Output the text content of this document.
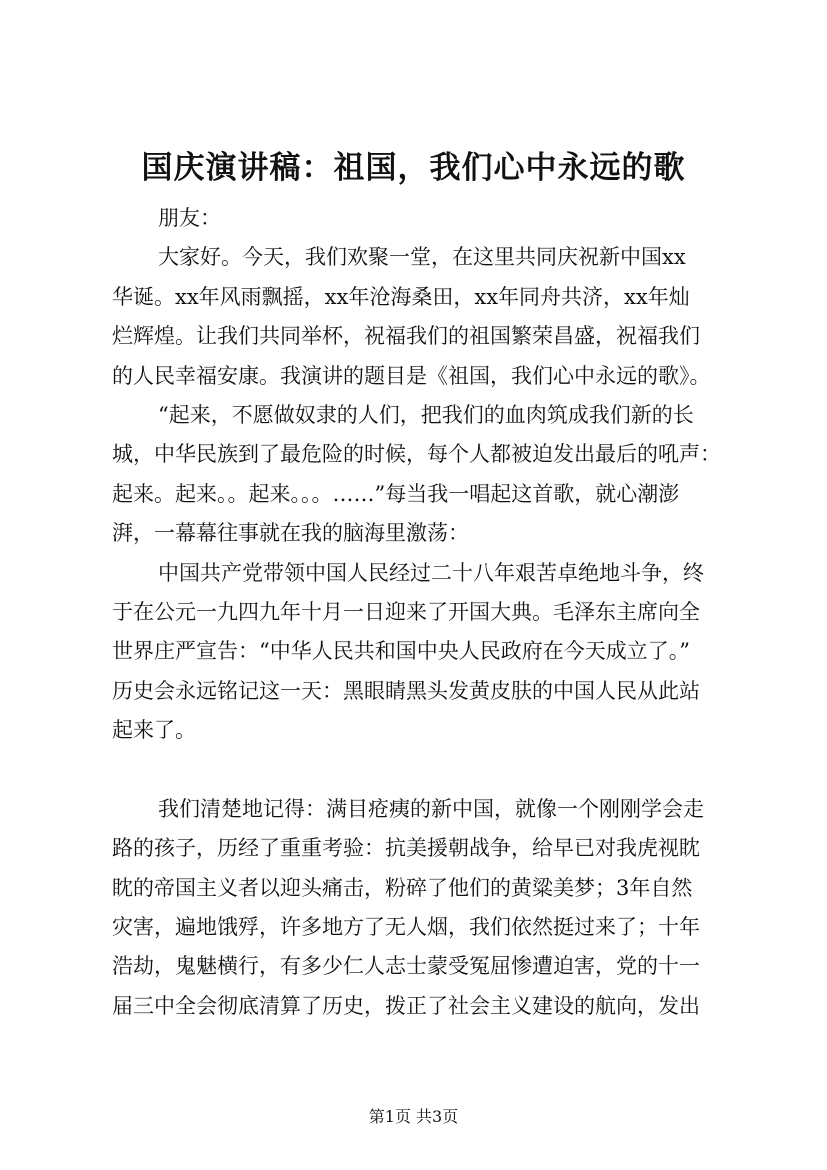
国庆演讲稿：祖国，我们心中永远的歌
朋友：
大家好。今天，我们欢聚一堂，在这里共同庆祝新中国xx
华诞。xx年风雨飘摇，xx年沧海桑田，xx年同舟共济，xx年灿
烂辉煌。让我们共同举杯，祝福我们的祖国繁荣昌盛，祝福我们
的人民幸福安康。我演讲的题目是《祖国，我们心中永远的歌》。
“起来，不愿做奴隶的人们，把我们的血肉筑成我们新的长
城，中华民族到了最危险的时候，每个人都被迫发出最后的吼声：
起来。起来。。起来。。。……”每当我一唱起这首歌，就心潮澎
湃，一幕幕往事就在我的脑海里激荡：
中国共产党带领中国人民经过二十八年艰苦卓绝地斗争，终
于在公元一九四九年十月一日迎来了开国大典。毛泽东主席向全
世界庄严宣告：“中华人民共和国中央人民政府在今天成立了。”
历史会永远铭记这一天：黑眼睛黑头发黄皮肤的中国人民从此站
起来了。
我们清楚地记得：满目疮痍的新中国，就像一个刚刚学会走
路的孩子，历经了重重考验：抗美援朝战争，给早已对我虎视眈
眈的帝国主义者以迎头痛击，粉碎了他们的黄粱美梦；3年自然
灾害，遍地饿殍，许多地方了无人烟，我们依然挺过来了；十年
浩劫，鬼魅横行，有多少仁人志士蒙受冤屈惨遭迫害，党的十一
届三中全会彻底清算了历史，拨正了社会主义建设的航向，发出
第1页 共3页
